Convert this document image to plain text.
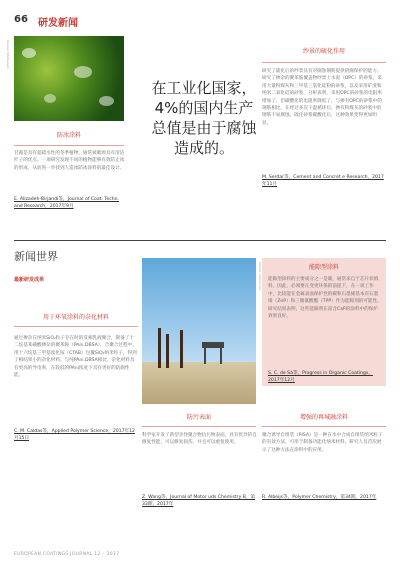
66 研发新闻
Source: fotolia.com
防冰涂料
甘露是具有超疏水性的冬季植物，通常被歌颂具有清洁叶子的优点。一项研究发现不同的植物能够有效防止冰的形成，从而进一步找到人造冰防冰涂料的最佳设计。
E. Alizadeh-Birjandi等，Journal of Coat. Techn. and Research，2017年9月
在工业化国家，4%的国内生产总值是由于腐蚀造成的。
纱景的硫化作用
研究了硫化后的纱景具有对腐蚀钢筋提供阴腐保护的能力。研究了掺杂的聚苯胺覆盖物纱景土水泥（OPC）的砂浆。采用大量粉煤灰和三甲基三氯化硅粉的砂浆，以及采用矿渣和纳米二氧化硅的砂浆，分析表明，采用OPC的砂浆的电阻率增加了，但碳酸化的电阻率降低了。与掺有OPC的砂浆中的钢筋相比，在经过多次干湿循环后，掺有粉煤灰的砂浆中的钢筋不易腐蚀。硫化砂浆碳酸化后，这种效果变得更加明显。
M. Serdar等，Cement and Concret e Research，2017年11月
新闻世界
最新研发成果
用于环氧涂料的杂化材料
通过掺杂在纳米SiO₂粒子存在时的反相乳液聚合，制备了十二烷基苯磺酸掺杂的聚苯胺（PAni.DBSA），合聚合过程中，用十六烷基三甲基溴化铵（CTAB）包覆SiO₂纳米粒子，得到了相结果小的杂化材料。与纯PAni.DBSA相比，杂化材料具有更高的导电率，在较低的PAni浓度下具有更好的防腐性能。
C. M. Caldas等，Applied Polymer Science，2017年12月15日
Source: fotolia.com	能隙型涂料
能隙型涂料的主要成分之一是碳，通常来自于芯片状填料。因此，必须要在变更环保的前提下，在一项工作中，比较能在金属表面保护性的碳和石墨烯基本有石墨烯（ZnP）和三聚氰酸酯（TPP）作为能隙剂的可能性。研究结果表明，这些能隙剂在富含CaP的涂料中的保护效果良好。
S. C. de Sá等，Progress in Organic Coatings，2017年12月
防污表面
科学家开发了新型亲性聚合物抗污物表面，具有优异的自修复性能，可以修复损伤，并且可以重复使用。
Z. Wang等，Journal of Motor uds Chemistry B，第33期，2017年
增强的再城融涂料
聚合诱导自组装（PISA）是一种在水中合成自组装纳米粒子的有效方法，可用于制备功能化纳米材料。研究人员首次展示了这种方法在涂料中的应用。
R. Albeijs等，Polymer Chemistry，第34期，2017年
EUROPEAN COATINGS JOURNAL 12 – 2017
